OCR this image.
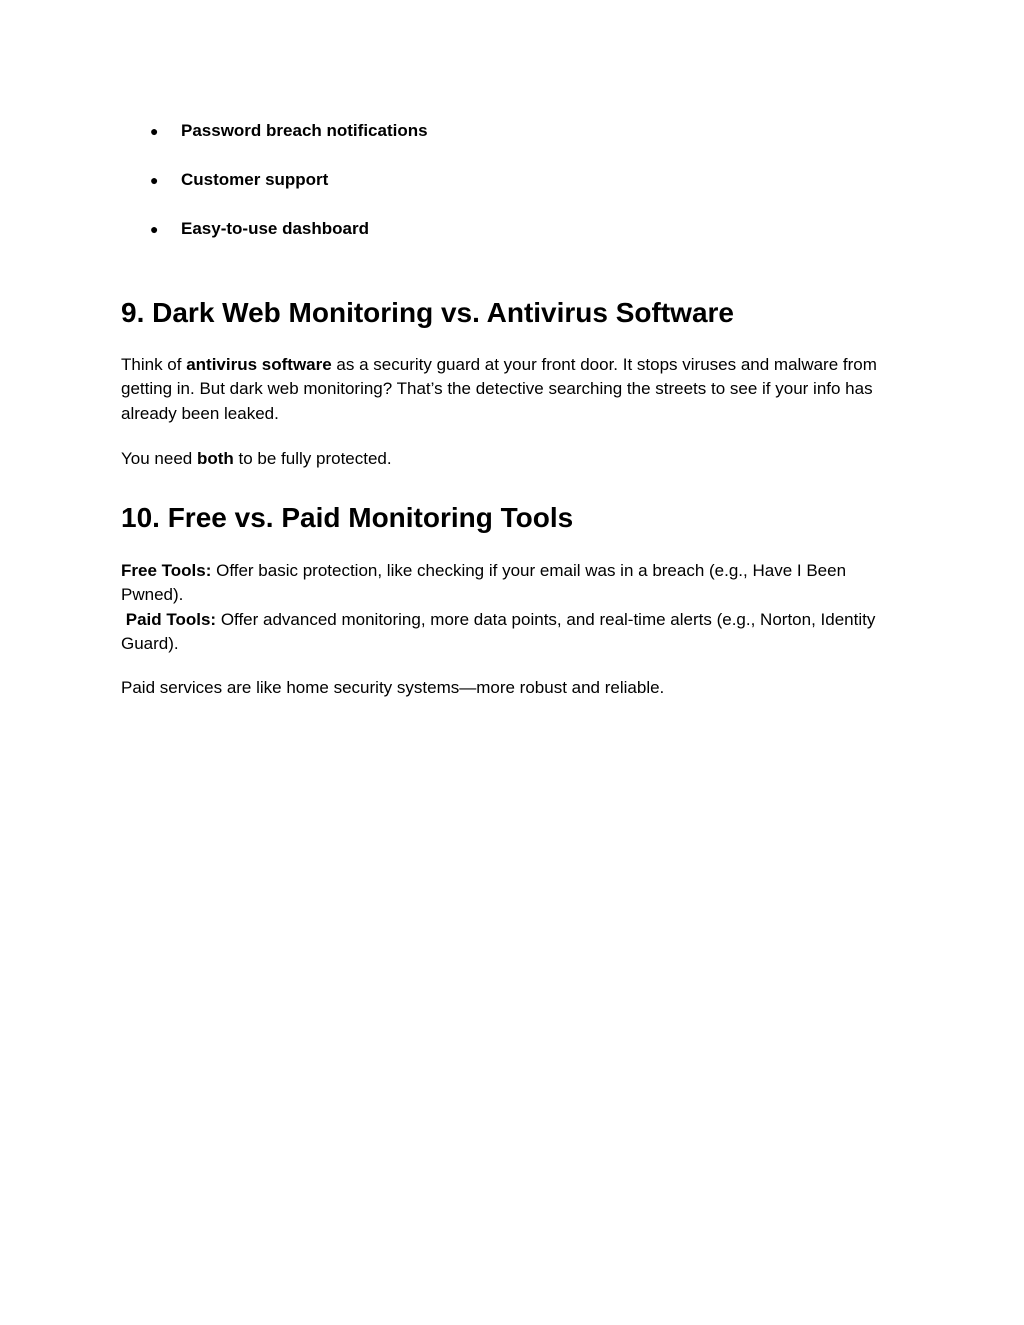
● Password breach notifications
● Customer support
● Easy-to-use dashboard
9. Dark Web Monitoring vs. Antivirus Software

Think of antivirus software as a security guard at your front door. It stops viruses and malware from getting in. But dark web monitoring? That’s the detective searching the streets to see if your info has already been leaked.

You need both to be fully protected.

10. Free vs. Paid Monitoring Tools

Free Tools: Offer basic protection, like checking if your email was in a breach (e.g., Have I Been Pwned).

Paid Tools: Offer advanced monitoring, more data points, and real-time alerts (e.g., Norton, Identity Guard).

Paid services are like home security systems—more robust and reliable.
